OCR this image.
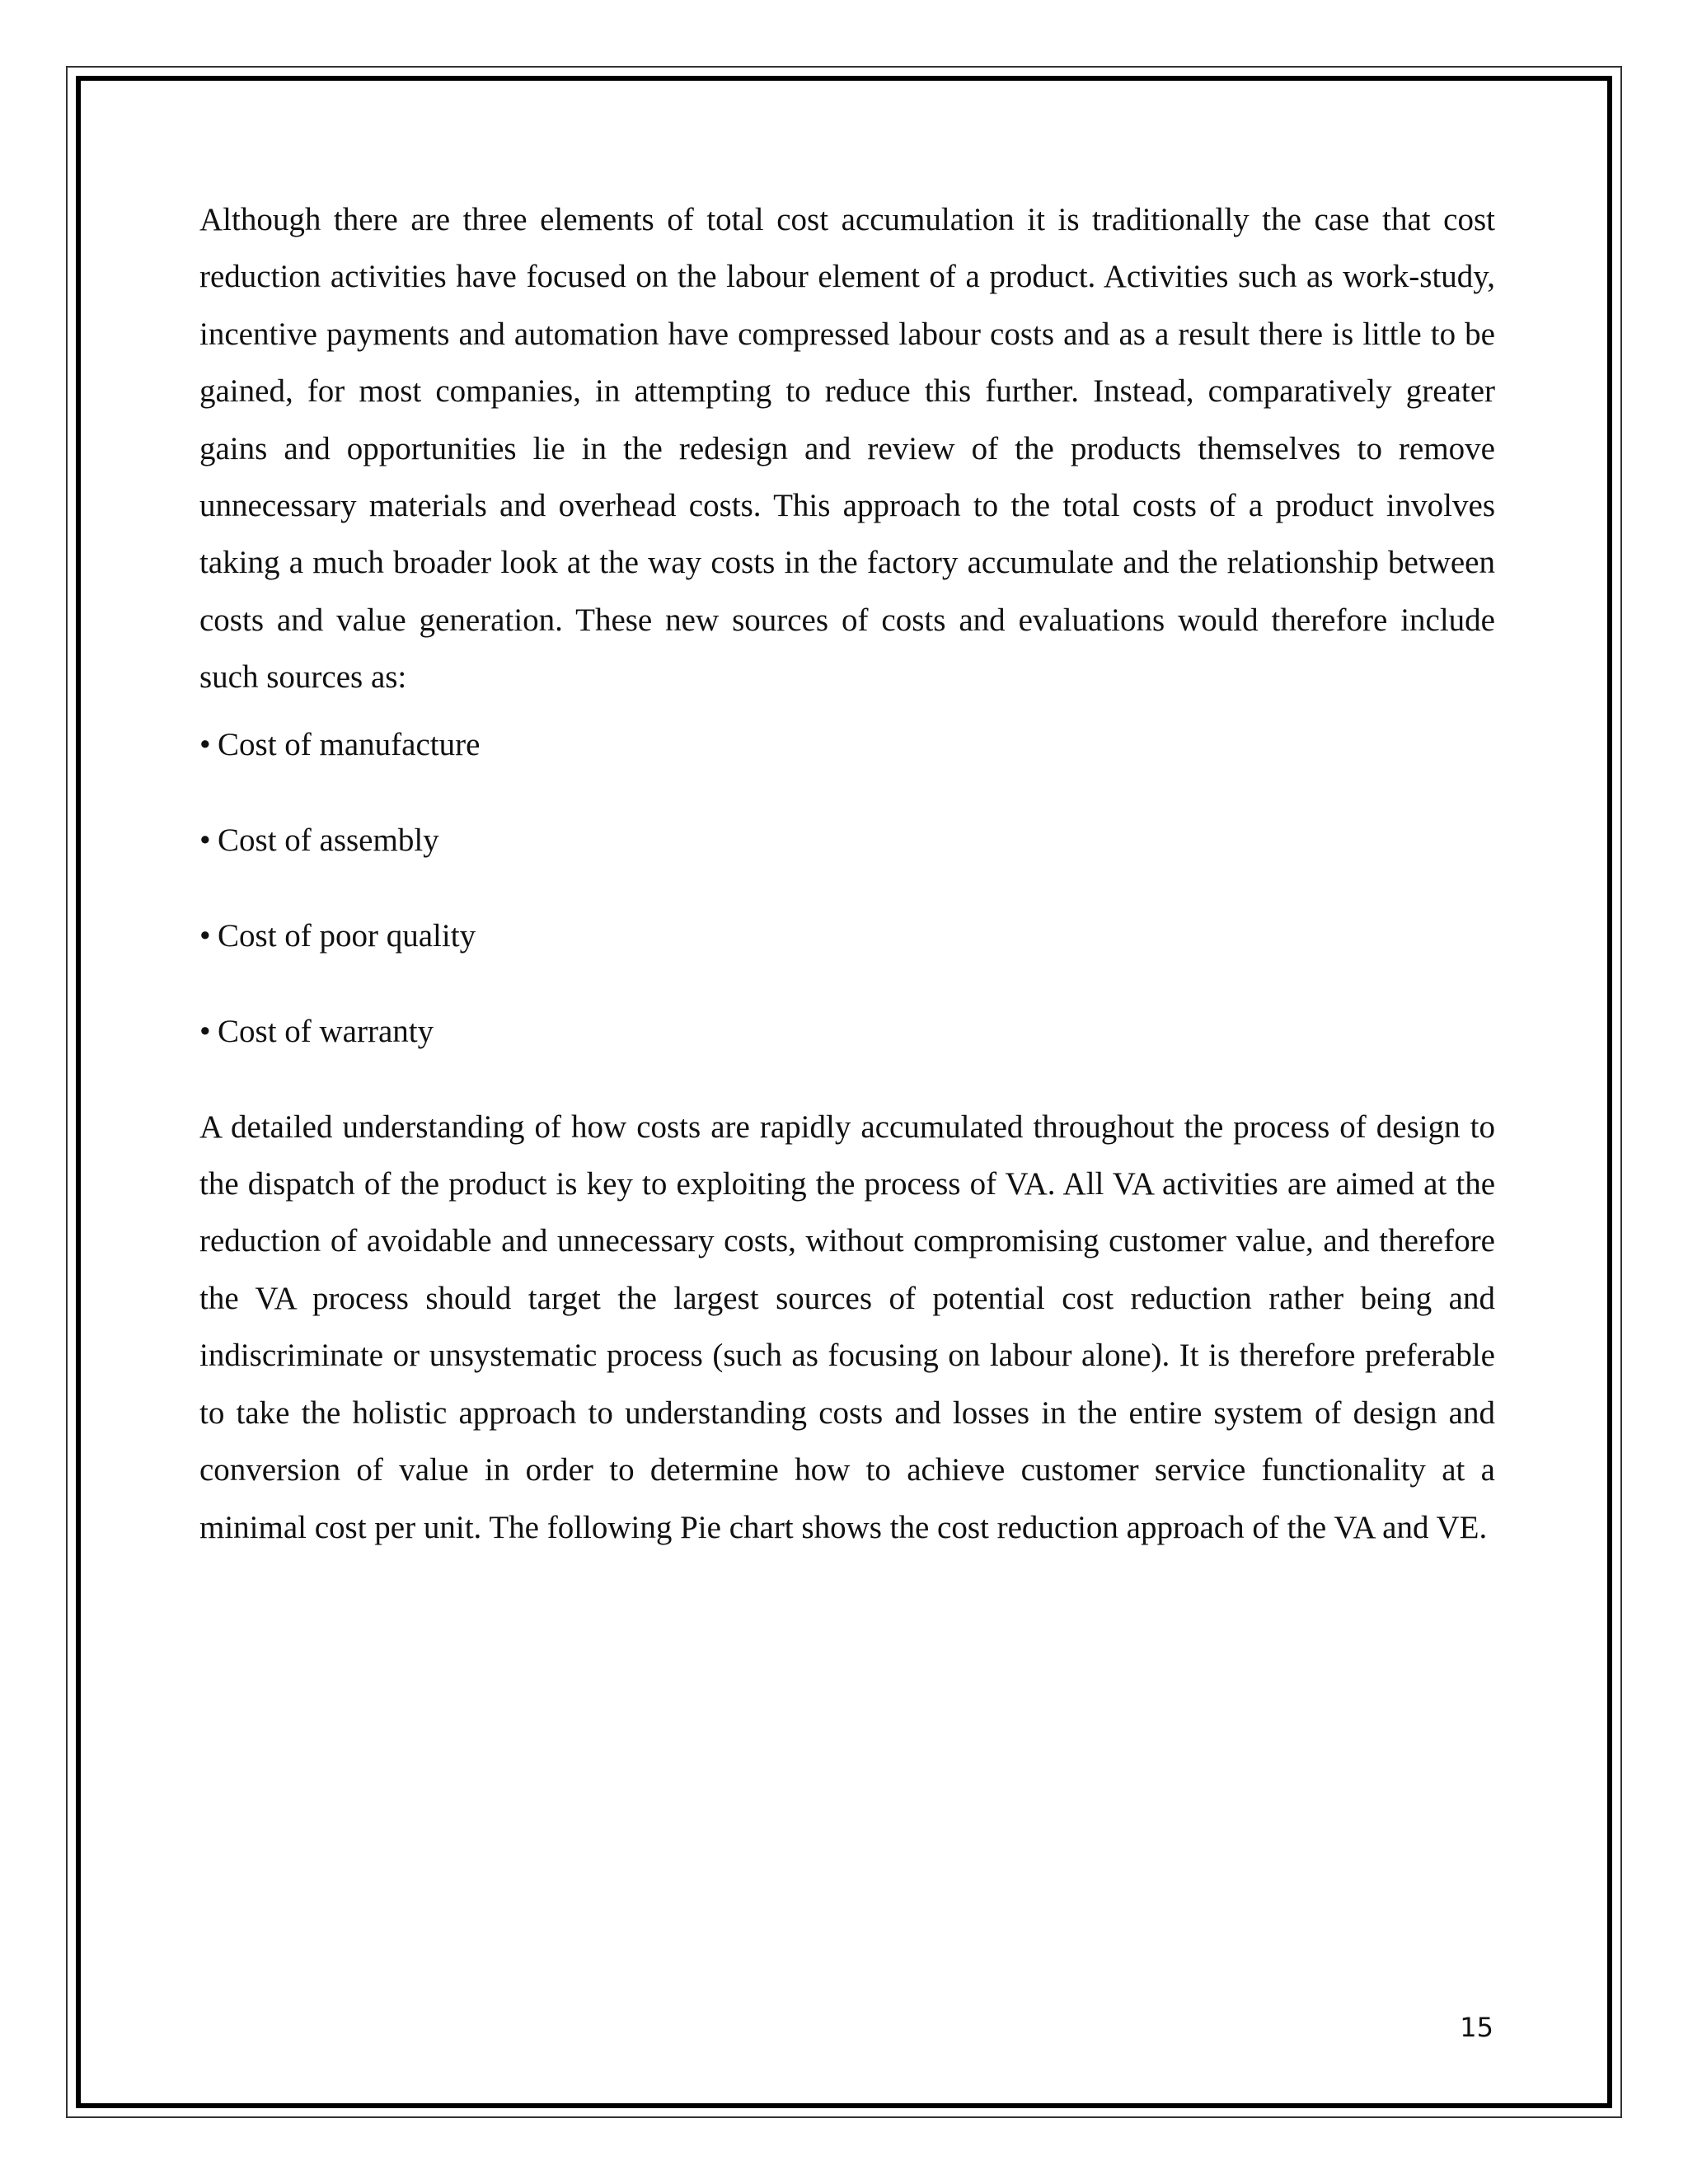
Although there are three elements of total cost accumulation it is traditionally the case that cost reduction activities have focused on the labour element of a product. Activities such as work-study, incentive payments and automation have compressed labour costs and as a result there is little to be gained, for most companies, in attempting to reduce this further. Instead, comparatively greater gains and opportunities lie in the redesign and review of the products themselves to remove unnecessary materials and overhead costs. This approach to the total costs of a product involves taking a much broader look at the way costs in the factory accumulate and the relationship between costs and value generation. These new sources of costs and evaluations would therefore include such sources as:

• Cost of manufacture
• Cost of assembly
• Cost of poor quality
• Cost of warranty

A detailed understanding of how costs are rapidly accumulated throughout the process of design to the dispatch of the product is key to exploiting the process of VA. All VA activities are aimed at the reduction of avoidable and unnecessary costs, without compromising customer value, and therefore the VA process should target the largest sources of potential cost reduction rather being and indiscriminate or unsystematic process (such as focusing on labour alone). It is therefore preferable to take the holistic approach to understanding costs and losses in the entire system of design and conversion of value in order to determine how to achieve customer service functionality at a minimal cost per unit. The following Pie chart shows the cost reduction approach of the VA and VE.

15
